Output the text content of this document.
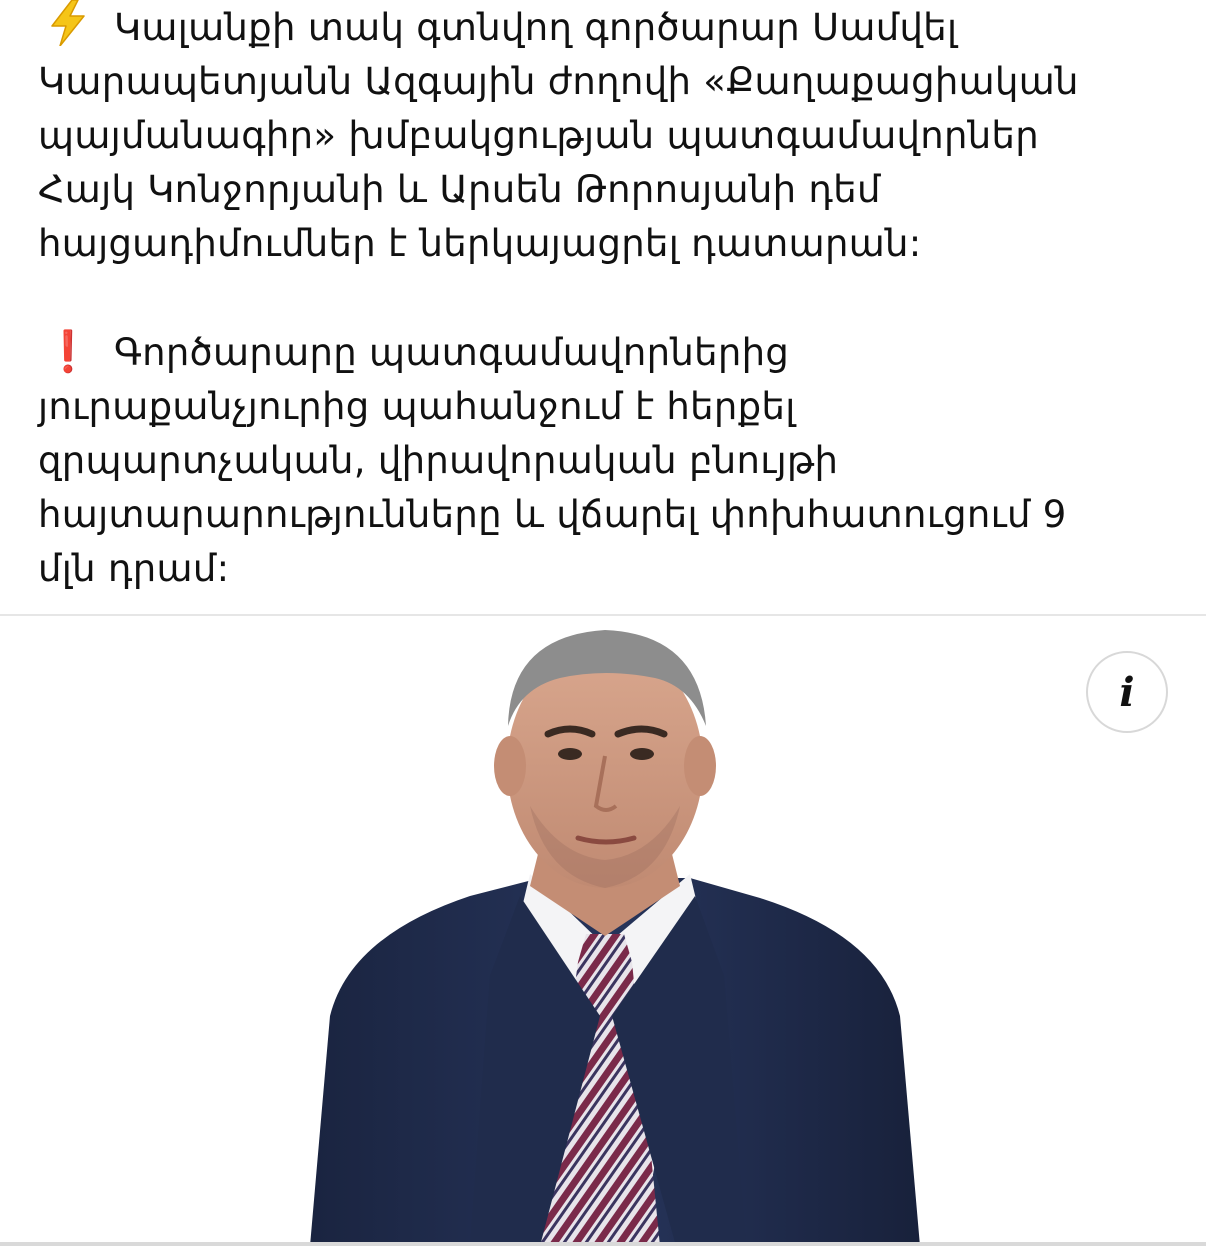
Կալանքի տակ գտնվող գործարար Սամվել
Կարապետյանն Ազգային ժողովի «Քաղաքացիական
պայմանագիր» խմբակցության պատգամավորներ
Հայկ Կոնջորյանի և Արսեն Թորոսյանի դեմ
հայցադիմումներ է ներկայացրել դատարան:

❗ Գործարարը պատգամավորներից
յուրաքանչյուրից պահանջում է հերքել
զրպարտչական, վիրավորական բնույթի
հայտարարությունները և վճարել փոխհատուցում 9
մլն դրամ:

i
